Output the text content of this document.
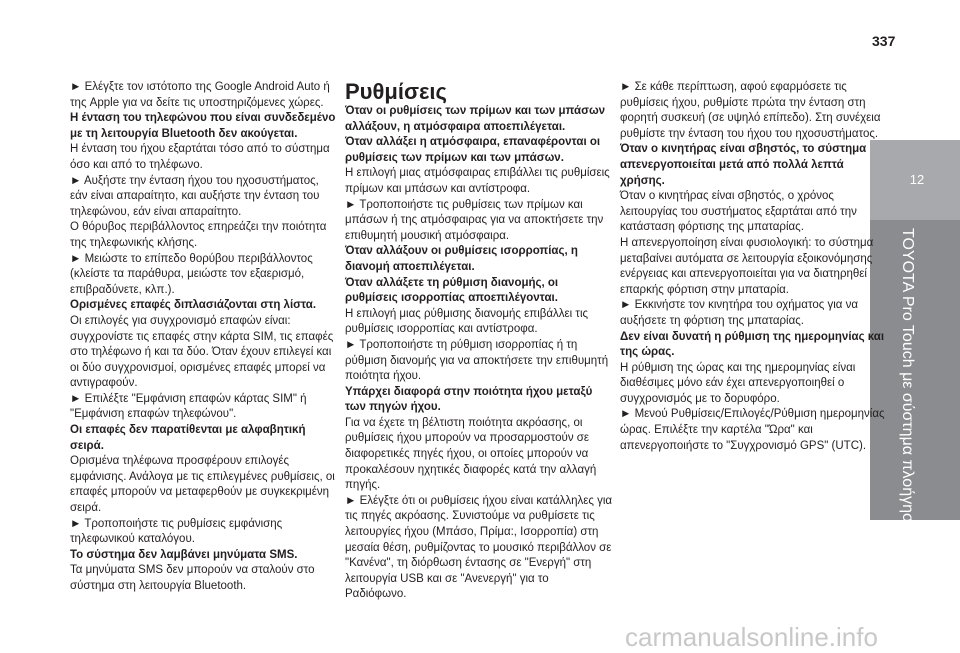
337
12
TOYOTA Pro Touch με σύστημα πλοήγησης

► Ελέγξτε τον ιστότοπο της Google Android Auto ή της Apple για να δείτε τις υποστηριζόμενες χώρες.

Η ένταση του τηλεφώνου που είναι συνδεδεμένο με τη λειτουργία Bluetooth δεν ακούγεται.

Η ένταση του ήχου εξαρτάται τόσο από το σύστημα όσο και από το τηλέφωνο.

► Αυξήστε την ένταση ήχου του ηχοσυστήματος, εάν είναι απαραίτητο, και αυξήστε την ένταση του τηλεφώνου, εάν είναι απαραίτητο.

Ο θόρυβος περιβάλλοντος επηρεάζει την ποιότητα της τηλεφωνικής κλήσης.

► Μειώστε το επίπεδο θορύβου περιβάλλοντος (κλείστε τα παράθυρα, μειώστε τον εξαερισμό, επιβραδύνετε, κλπ.).

Ορισμένες επαφές διπλασιάζονται στη λίστα.

Οι επιλογές για συγχρονισμό επαφών είναι: συγχρονίστε τις επαφές στην κάρτα SIM, τις επαφές στο τηλέφωνο ή και τα δύο. Όταν έχουν επιλεγεί και οι δύο συγχρονισμοί, ορισμένες επαφές μπορεί να αντιγραφούν.

► Επιλέξτε "Εμφάνιση επαφών κάρτας SIM" ή "Εμφάνιση επαφών τηλεφώνου".

Οι επαφές δεν παρατίθενται με αλφαβητική σειρά.

Ορισμένα τηλέφωνα προσφέρουν επιλογές εμφάνισης. Ανάλογα με τις επιλεγμένες ρυθμίσεις, οι επαφές μπορούν να μεταφερθούν με συγκεκριμένη σειρά.

► Τροποποιήστε τις ρυθμίσεις εμφάνισης τηλεφωνικού καταλόγου.

Το σύστημα δεν λαμβάνει μηνύματα SMS.

Τα μηνύματα SMS δεν μπορούν να σταλούν στο σύστημα στη λειτουργία Bluetooth.

Ρυθμίσεις

Όταν οι ρυθμίσεις των πρίμων και των μπάσων αλλάξουν, η ατμόσφαιρα αποεπιλέγεται.

Όταν αλλάξει η ατμόσφαιρα, επαναφέρονται οι ρυθμίσεις των πρίμων και των μπάσων.

Η επιλογή μιας ατμόσφαιρας επιβάλλει τις ρυθμίσεις πρίμων και μπάσων και αντίστροφα.

► Τροποποιήστε τις ρυθμίσεις των πρίμων και μπάσων ή της ατμόσφαιρας για να αποκτήσετε την επιθυμητή μουσική ατμόσφαιρα.

Όταν αλλάξουν οι ρυθμίσεις ισορροπίας, η διανομή αποεπιλέγεται.

Όταν αλλάξετε τη ρύθμιση διανομής, οι ρυθμίσεις ισορροπίας αποεπιλέγονται.

Η επιλογή μιας ρύθμισης διανομής επιβάλλει τις ρυθμίσεις ισορροπίας και αντίστροφα.

► Τροποποιήστε τη ρύθμιση ισορροπίας ή τη ρύθμιση διανομής για να αποκτήσετε την επιθυμητή ποιότητα ήχου.

Υπάρχει διαφορά στην ποιότητα ήχου μεταξύ των πηγών ήχου.

Για να έχετε τη βέλτιστη ποιότητα ακρόασης, οι ρυθμίσεις ήχου μπορούν να προσαρμοστούν σε διαφορετικές πηγές ήχου, οι οποίες μπορούν να προκαλέσουν ηχητικές διαφορές κατά την αλλαγή πηγής.

► Ελέγξτε ότι οι ρυθμίσεις ήχου είναι κατάλληλες για τις πηγές ακρόασης. Συνιστούμε να ρυθμίσετε τις λειτουργίες ήχου (Μπάσο, Πρίμα:, Ισορροπία) στη μεσαία θέση, ρυθμίζοντας το μουσικό περιβάλλον σε "Κανένα", τη διόρθωση έντασης σε "Ενεργή" στη λειτουργία USB και σε "Ανενεργή" για το Ραδιόφωνο.

► Σε κάθε περίπτωση, αφού εφαρμόσετε τις ρυθμίσεις ήχου, ρυθμίστε πρώτα την ένταση στη φορητή συσκευή (σε υψηλό επίπεδο). Στη συνέχεια ρυθμίστε την ένταση του ήχου του ηχοσυστήματος.

Όταν ο κινητήρας είναι σβηστός, το σύστημα απενεργοποιείται μετά από πολλά λεπτά χρήσης.

Όταν ο κινητήρας είναι σβηστός, ο χρόνος λειτουργίας του συστήματος εξαρτάται από την κατάσταση φόρτισης της μπαταρίας.

Η απενεργοποίηση είναι φυσιολογική: το σύστημα μεταβαίνει αυτόματα σε λειτουργία εξοικονόμησης ενέργειας και απενεργοποιείται για να διατηρηθεί επαρκής φόρτιση στην μπαταρία.

► Εκκινήστε τον κινητήρα του οχήματος για να αυξήσετε τη φόρτιση της μπαταρίας.

Δεν είναι δυνατή η ρύθμιση της ημερομηνίας και της ώρας.

Η ρύθμιση της ώρας και της ημερομηνίας είναι διαθέσιμες μόνο εάν έχει απενεργοποιηθεί ο συγχρονισμός με το δορυφόρο.

► Μενού Ρυθμίσεις/Επιλογές/Ρύθμιση ημερομηνίας ώρας. Επιλέξτε την καρτέλα "Ώρα" και απενεργοποιήστε το "Συγχρονισμό GPS" (UTC).

carmanualsonline.info
